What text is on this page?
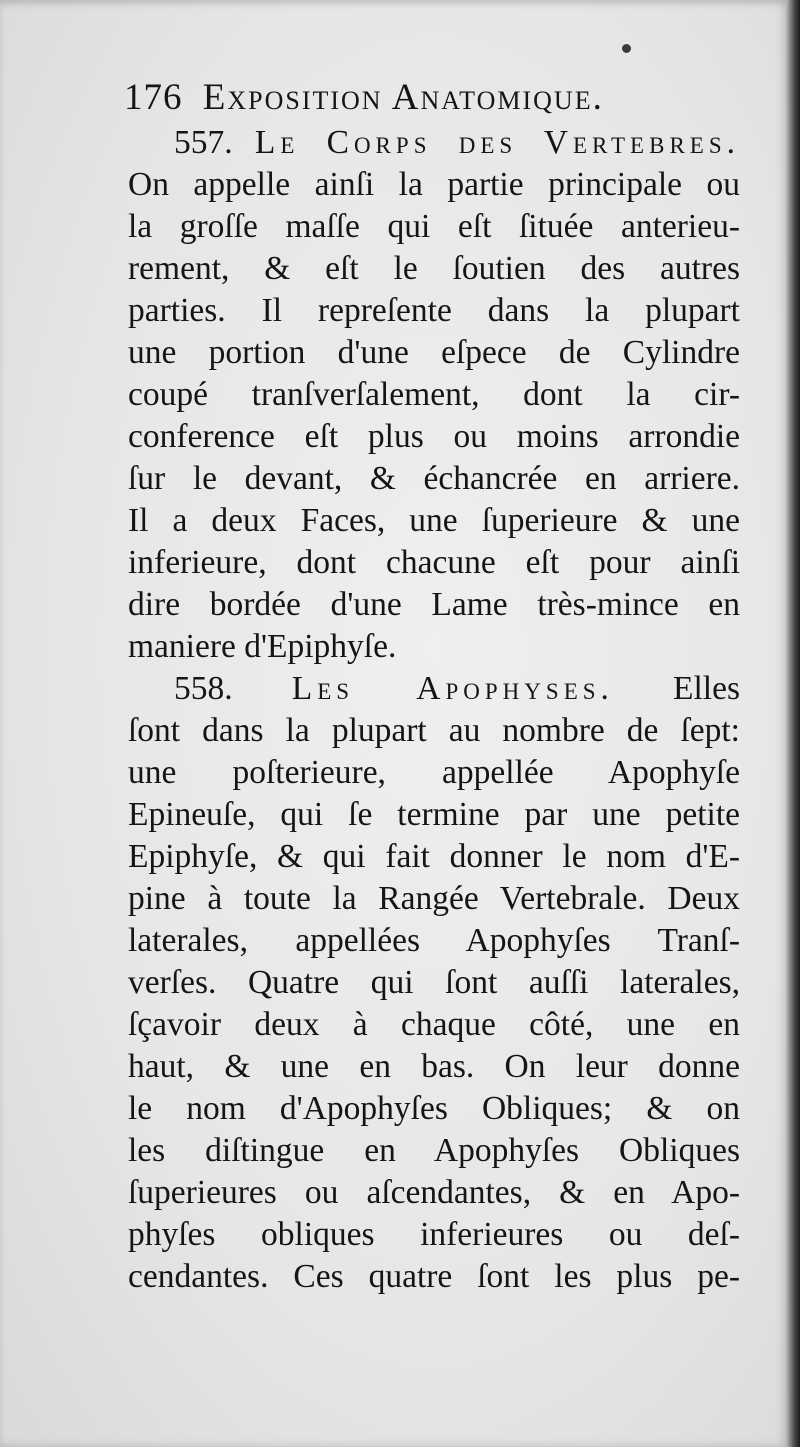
176 Exposition Anatomique.
557. Le Corps des Vertebres.
On appelle ainſi la partie principale ou
la groſſe maſſe qui eſt ſituée anterieu-
rement, & eſt le ſoutien des autres
parties. Il repreſente dans la plupart
une portion d'une eſpece de Cylindre
coupé tranſverſalement, dont la cir-
conference eſt plus ou moins arrondie
ſur le devant, & échancrée en arriere.
Il a deux Faces, une ſuperieure & une
inferieure, dont chacune eſt pour ainſi
dire bordée d'une Lame très-mince en
maniere d'Epiphyſe.
558. Les Apophyses. Elles
ſont dans la plupart au nombre de ſept:
une poſterieure, appellée Apophyſe
Epineuſe, qui ſe termine par une petite
Epiphyſe, & qui fait donner le nom d'E-
pine à toute la Rangée Vertebrale. Deux
laterales, appellées Apophyſes Tranſ-
verſes. Quatre qui ſont auſſi laterales,
ſçavoir deux à chaque côté, une en
haut, & une en bas. On leur donne
le nom d'Apophyſes Obliques; & on
les diſtingue en Apophyſes Obliques
ſuperieures ou aſcendantes, & en Apo-
phyſes obliques inferieures ou deſ-
cendantes. Ces quatre ſont les plus pe-
